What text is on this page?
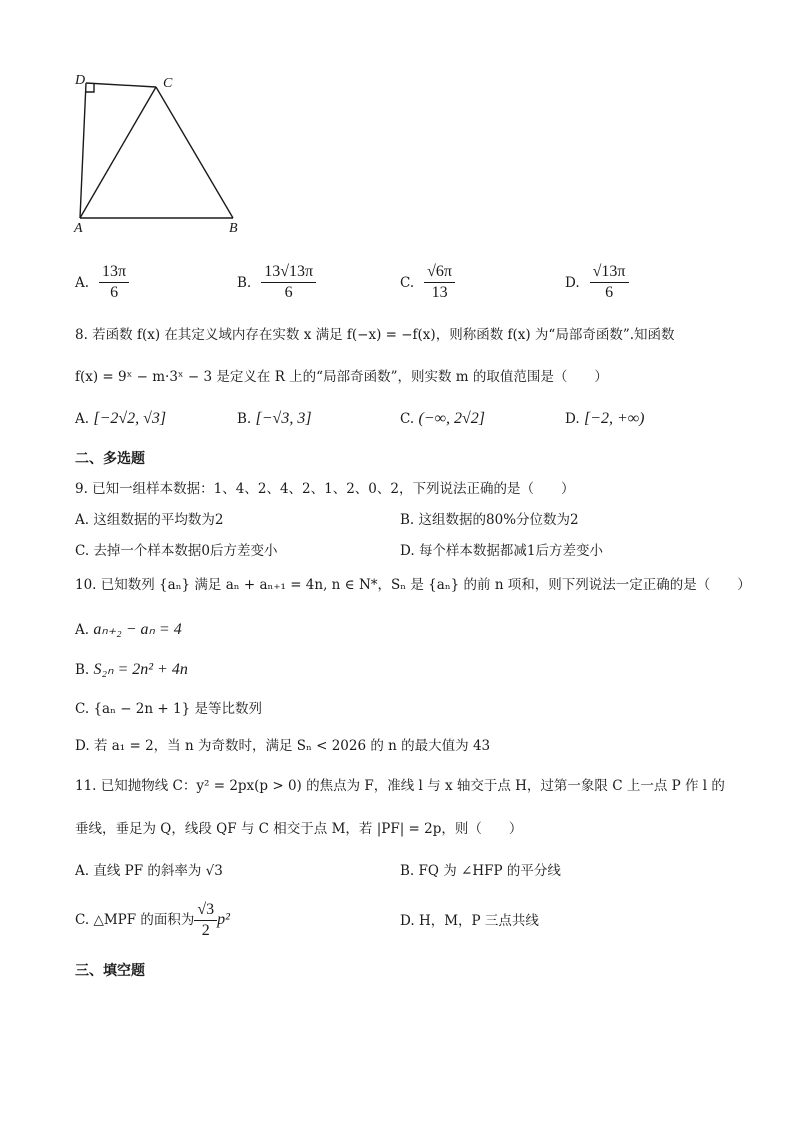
D	C
A	B
A. $\frac{13\pi}{6}$	B. $\frac{13√13\pi}{6}$	C. $\frac{√6\pi}{13}$	D. $\frac{√13\pi}{6}$
8. 若函数 f(x) 在其定义域内存在实数 x 满足 f(−x) = −f(x)，则称函数 f(x) 为“局部奇函数”.知函数
f(x) = 9ˣ − m·3ˣ − 3 是定义在 R 上的“局部奇函数”，则实数 m 的取值范围是（　　）
A. [−2√2, √3]	B. [−√3, 3]	C. (−∞, 2√2]	D. [−2, +∞)
二、多选题
9. 已知一组样本数据：1、4、2、4、2、1、2、0、2，下列说法正确的是（　　）
A. 这组数据的平均数为2	B. 这组数据的80%分位数为2
C. 去掉一个样本数据0后方差变小	D. 每个样本数据都减1后方差变小
10. 已知数列 {aₙ} 满足 aₙ + aₙ₊₁ = 4n, n ∈ N*，Sₙ 是 {aₙ} 的前 n 项和，则下列说法一定正确的是（　　）
A. aₙ₊₂ − aₙ = 4
B. S₂ₙ = 2n² + 4n
C. {aₙ − 2n + 1} 是等比数列
D. 若 a₁ = 2，当 n 为奇数时，满足 Sₙ < 2026 的 n 的最大值为 43
11. 已知抛物线 C：y² = 2px(p > 0) 的焦点为 F，准线 l 与 x 轴交于点 H，过第一象限 C 上一点 P 作 l 的
垂线，垂足为 Q，线段 QF 与 C 相交于点 M，若 |PF| = 2p，则（　　）
A. 直线 PF 的斜率为 √3	B. FQ 为 ∠HFP 的平分线
C. △MPF 的面积为 $\frac{√3}{2} p^2$	D. H，M，P 三点共线
三、填空题
